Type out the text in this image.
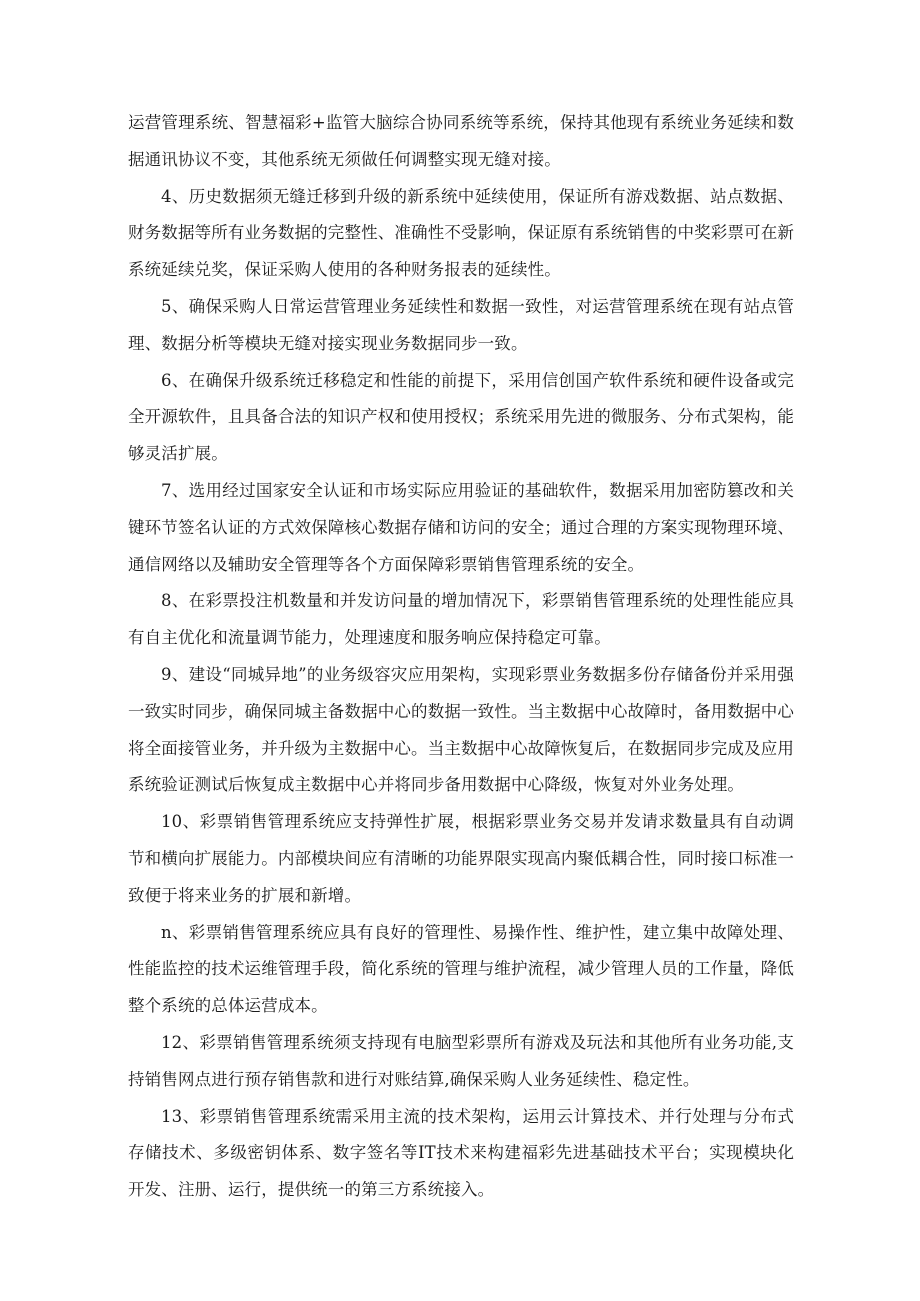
运营管理系统、智慧福彩+监管大脑综合协同系统等系统，保持其他现有系统业务延续和数据通讯协议不变，其他系统无须做任何调整实现无缝对接。

4、历史数据须无缝迁移到升级的新系统中延续使用，保证所有游戏数据、站点数据、财务数据等所有业务数据的完整性、准确性不受影响，保证原有系统销售的中奖彩票可在新系统延续兑奖，保证采购人使用的各种财务报表的延续性。

5、确保采购人日常运营管理业务延续性和数据一致性，对运营管理系统在现有站点管理、数据分析等模块无缝对接实现业务数据同步一致。

6、在确保升级系统迁移稳定和性能的前提下，采用信创国产软件系统和硬件设备或完全开源软件，且具备合法的知识产权和使用授权；系统采用先进的微服务、分布式架构，能够灵活扩展。

7、选用经过国家安全认证和市场实际应用验证的基础软件，数据采用加密防篡改和关键环节签名认证的方式效保障核心数据存储和访问的安全；通过合理的方案实现物理环境、通信网络以及辅助安全管理等各个方面保障彩票销售管理系统的安全。

8、在彩票投注机数量和并发访问量的增加情况下，彩票销售管理系统的处理性能应具有自主优化和流量调节能力，处理速度和服务响应保持稳定可靠。

9、建设“同城异地”的业务级容灾应用架构，实现彩票业务数据多份存储备份并采用强一致实时同步，确保同城主备数据中心的数据一致性。当主数据中心故障时，备用数据中心将全面接管业务，并升级为主数据中心。当主数据中心故障恢复后，在数据同步完成及应用系统验证测试后恢复成主数据中心并将同步备用数据中心降级，恢复对外业务处理。

10、彩票销售管理系统应支持弹性扩展，根据彩票业务交易并发请求数量具有自动调节和横向扩展能力。内部模块间应有清晰的功能界限实现高内聚低耦合性，同时接口标准一致便于将来业务的扩展和新增。

n、彩票销售管理系统应具有良好的管理性、易操作性、维护性，建立集中故障处理、性能监控的技术运维管理手段，简化系统的管理与维护流程，减少管理人员的工作量，降低整个系统的总体运营成本。

12、彩票销售管理系统须支持现有电脑型彩票所有游戏及玩法和其他所有业务功能,支持销售网点进行预存销售款和进行对账结算,确保采购人业务延续性、稳定性。

13、彩票销售管理系统需采用主流的技术架构，运用云计算技术、并行处理与分布式存储技术、多级密钥体系、数字签名等IT技术来构建福彩先进基础技术平台；实现模块化开发、注册、运行，提供统一的第三方系统接入。
